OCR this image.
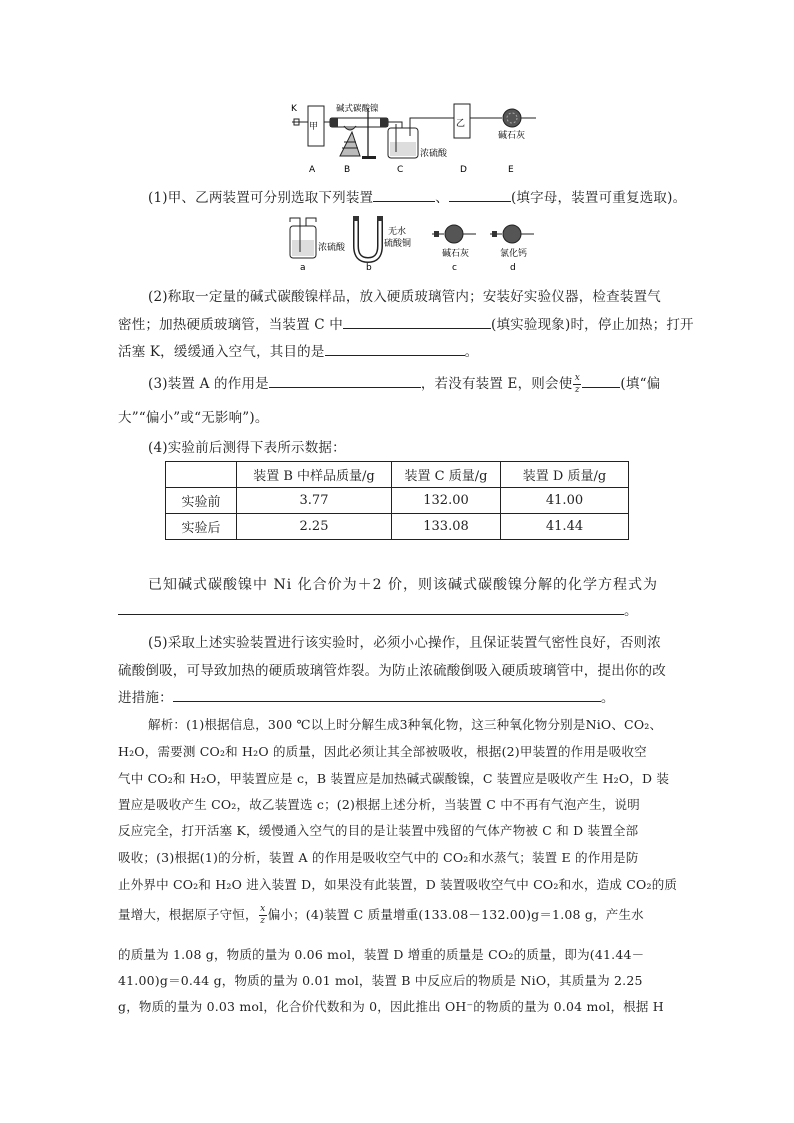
K
甲
碱式碳酸镍
浓硫酸
乙
碱石灰
A	B	C	D	E
(1)甲、乙两装置可分别选取下列装置	、	(填字母，装置可重复选取)。
浓硫酸
a
无水
硫酸铜
b
碱石灰
c
氯化钙
d
(2)称取一定量的碱式碳酸镍样品，放入硬质玻璃管内；安装好实验仪器，检查装置气
密性；加热硬质玻璃管，当装置 C 中	(填实验现象)时，停止加热；打开
活塞 K，缓缓通入空气，其目的是	。
(3)装置 A 的作用是	，若没有装置 E，则会使 $\frac{x}{z}$	(填“偏
大”“偏小”或“无影响”)。
(4)实验前后测得下表所示数据：
	装置 B 中样品质量/g	装置 C 质量/g	装置 D 质量/g
实验前	3.77	132.00	41.00
实验后	2.25	133.08	41.44
已知碱式碳酸镍中 Ni 化合价为＋2 价，则该碱式碳酸镍分解的化学方程式为
。
(5)采取上述实验装置进行该实验时，必须小心操作，且保证装置气密性良好，否则浓
硫酸倒吸，可导致加热的硬质玻璃管炸裂。为防止浓硫酸倒吸入硬质玻璃管中，提出你的改
进措施：	。
解析：(1)根据信息，300 ℃以上时分解生成3种氧化物，这三种氧化物分别是NiO、CO₂、
H₂O，需要测 CO₂和 H₂O 的质量，因此必须让其全部被吸收，根据(2)甲装置的作用是吸收空
气中 CO₂和 H₂O，甲装置应是 c，B 装置应是加热碱式碳酸镍，C 装置应是吸收产生 H₂O，D 装
置应是吸收产生 CO₂，故乙装置选 c；(2)根据上述分析，当装置 C 中不再有气泡产生，说明
反应完全，打开活塞 K，缓慢通入空气的目的是让装置中残留的气体产物被 C 和 D 装置全部
吸收；(3)根据(1)的分析，装置 A 的作用是吸收空气中的 CO₂和水蒸气；装置 E 的作用是防
止外界中 CO₂和 H₂O 进入装置 D，如果没有此装置，D 装置吸收空气中 CO₂和水，造成 CO₂的质
量增大，根据原子守恒， $\frac{x}{z}$ 偏小；(4)装置 C 质量增重(133.08－132.00)g＝1.08 g，产生水
的质量为 1.08 g，物质的量为 0.06 mol，装置 D 增重的质量是 CO₂的质量，即为(41.44－
41.00)g＝0.44 g，物质的量为 0.01 mol，装置 B 中反应后的物质是 NiO，其质量为 2.25
g，物质的量为 0.03 mol，化合价代数和为 0，因此推出 OH⁻的物质的量为 0.04 mol，根据 H
